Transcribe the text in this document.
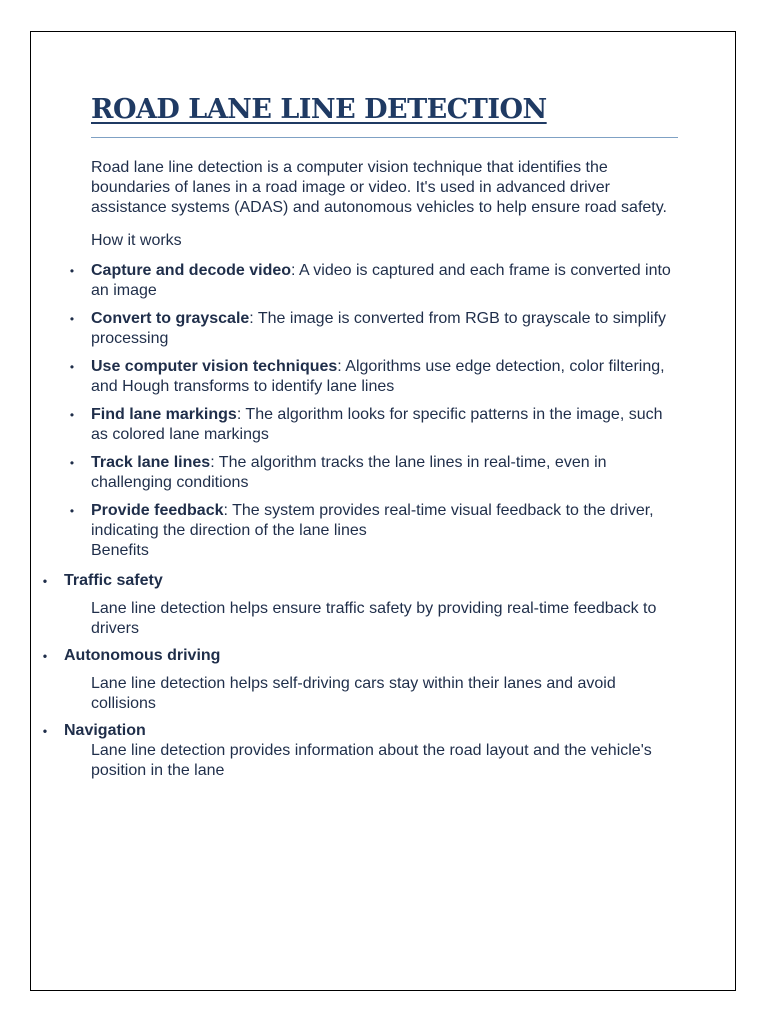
ROAD LANE LINE DETECTION

Road lane line detection is a computer vision technique that identifies the boundaries of lanes in a road image or video. It's used in advanced driver assistance systems (ADAS) and autonomous vehicles to help ensure road safety.

How it works

• Capture and decode video: A video is captured and each frame is converted into an image
• Convert to grayscale: The image is converted from RGB to grayscale to simplify processing
• Use computer vision techniques: Algorithms use edge detection, color filtering, and Hough transforms to identify lane lines
• Find lane markings: The algorithm looks for specific patterns in the image, such as colored lane markings
• Track lane lines: The algorithm tracks the lane lines in real-time, even in challenging conditions
• Provide feedback: The system provides real-time visual feedback to the driver, indicating the direction of the lane lines

Benefits

• Traffic safety

Lane line detection helps ensure traffic safety by providing real-time feedback to drivers

• Autonomous driving

Lane line detection helps self-driving cars stay within their lanes and avoid collisions

• Navigation

Lane line detection provides information about the road layout and the vehicle's position in the lane
